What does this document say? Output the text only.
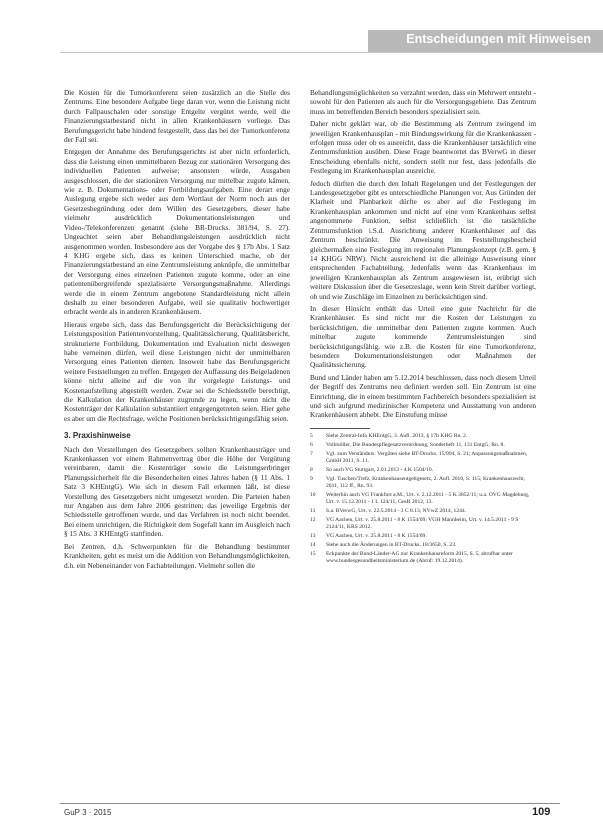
Entscheidungen mit Hinweisen

Die Kosten für die Tumorkonferenz seien zusätzlich an die Stelle des Zentrums. Eine besondere Aufgabe liege daran vor, wenn die Leistung nicht durch Fallpauschalen oder sonstige Entgelte vergütet werde, weil die Finanzierungstatbestand nicht in allen Krankenhäusern vorliege. Das Berufungsgericht habe hindend festgestellt, dass das bei der Tumorkonferenz der Fall sei.

Entgegen der Annahme des Berufungsgerichts ist aber nicht erforderlich, dass die Leistung einen unmittelbaren Bezug zur stationären Versorgung des individuellen Patienten aufweise; ansonsten würde, Ausgaben ausgeschlossen, die der stationären Versorgung nur mittelbar zugute kämen, wie z. B. Dokumentations- oder Fortbildungsaufgaben. Eine derart enge Auslegung ergebe sich weder aus dem Wortlaut der Norm noch aus der Gesetzesbegründung oder dem Willen des Gesetzgebers, dieser habe vielmehr ausdrücklich Dokumentationsleistungen und Video-/Telekonferenzen genannt (siehe BR-Drucks. 381/94, S. 27). Ungeachtet seien aber Behandlungsleistungen ausdrücklich nicht ausgenommen worden. Insbesondere aus der Vorgabe des § 17b Abs. 1 Satz 4 KHG ergebe sich, dass es keinen Unterschied mache, ob der Finanzierungstatbestand an eine Zentrumsleistung anknüpfe, die unmittelbar der Versorgung eines einzelnen Patienten zugute komme, oder an eine patientenübergreifende spezialisierte Versorgungsmaßnahme. Allerdings werde die in einem Zentrum angebotene Standardleistung nicht allein deshalb zu einer besonderen Aufgabe, weil sie qualitativ hochwertiger erbracht werde als in anderen Krankenhäusern.

Hieraus ergebe sich, dass das Berufungsgericht die Berücksichtigung der Leistungsposition Patientenvorstellung, Qualitätssicherung, Qualitätsbericht, strukturierte Fortbildung, Dokumentation und Evaluation nicht deswegen habe verneinen dürfen, weil diese Leistungen nicht der unmittelbaren Versorgung eines Patienten dienten. Insoweit habe das Berufungsgericht weitere Feststellungen zu treffen. Entgegen der Auffassung des Beigeladenen könne nicht alleine auf die von ihr vorgelegte Leistungs- und Kostenaufstellung abgestellt werden. Zwar sei die Schiedsstelle berechtigt, die Kalkulation der Krankenhäuser zugrunde zu legen, wenn nicht die Kostenträger der Kalkulation substantiiert entgegengetreten seien. Hier gehe es aber um die Rechtsfrage, welche Positionen berücksichtigungsfähig seien.

3. Praxishinweise

Nach den Vorstellungen des Gesetzgebers sollten Krankenhausträger und Krankenkassen vor einem Rahmenvertrag über die Höhe der Vergütung vereinbaren, damit die Kostenträger sowie die Leistungserbringer Planungssicherheit für die Besonderheiten eines Jahres haben (§ 11 Abs. 1 Satz 3 KHEntgG). Wie sich in diesem Fall erkennen läßt, ist diese Vorstellung des Gesetzgebers nicht umgesetzt worden. Die Parteien haben nur Angaben aus dem Jahre 2006 gestritten; das jeweilige Ergebnis der Schiedsstelle getroffenen wurde, und das Verfahren ist noch nicht beendet. Bei einem unrichtigen, die Richtigkeit dem Sogefall kann im Ausgleich nach § 15 Abs. 3 KHEntgG stattfinden.

Bei Zentren, d.h. Schwerpunkten für die Behandlung bestimmter Krankheiten, geht es meist um die Addition von Behandlungsmöglichkeiten, d.h. ein Nebeneinander von Fachabteilungen. Vielmehr sollen die

Behandlungsmöglichkeiten so verzahnt werden, dass ein Mehrwert entsteht - sowohl für den Patienten als auch für die Versorgungsgebiete. Das Zentrum muss im betreffenden Bereich besonders spezialisiert sein.

Daher nicht geklärt war, ob die Bestimmung als Zentrum zwingend im jeweiligen Krankenhausplan - mit Bindungswirkung für die Krankenkassen - erfolgen muss oder ob es ausreicht, dass die Krankenhäuser tatsächlich eine Zentrumsfunktion ausüben. Diese Frage beantwortet das BVerwG in dieser Entscheidung ebenfalls nicht, sondern stellt nur fest, dass jedenfalls die Festlegung im Krankenhausplan ausreiche.

Jedoch dürften die durch den Inhalt Regelungen und der Festlegungen der Landesgesetzgeber gibt es unterschiedliche Planungen vor. Aus Gründen der Klarheit und Planbarkeit dürfte es aber auf die Festlegung im Krankenhausplan ankommen und nicht auf eine vom Krankenhaus selbst angenommene Funktion, selbst schließlich ist die tatsächliche Zentrumsfunktion i.S.d. Ausrichtung anderer Krankenhäuser auf das Zentrum beschränkt. Die Anweisung im Feststellungsbescheid gleichermaßen eine Festlegung im regionalen Planungskonzept (z.B. gem. § 14 KHGG NRW). Nicht ausreichend ist die alleinige Ausweisung einer entsprechenden Fachabteilung. Jedenfalls wenn das Krankenhaus im jeweiligen Krankenhausplan als Zentrum ausgewiesen ist, erübrigt sich weitere Diskussion über die Gesetzeslage, wenn kein Streit darüber vorliegt, ob und wie Zuschläge im Einzelnen zu berücksichtigen sind.

In dieser Hinsicht enthält das Urteil eine gute Nachricht für die Krankenhäuser. Es sind nicht nur die Kosten der Leistungen zu berücksichtigen, die unmittelbar dem Patienten zugute kommen. Auch mittelbar zugute kommende Zentrumsleistungen sind berücksichtigungsfähig, wie z.B. die Kosten für eine Tumorkonferenz, besondere Dokumentationsleistungen oder Maßnahmen der Qualitätssicherung.

Bund und Länder haben am 5.12.2014 beschlossen, dass noch diesem Urteil der Begriff des Zentrums neu definiert werden soll. Ein Zentrum ist eine Einrichtung, die in einem bestimmten Fachbereich besonders spezialisiert ist und sich aufgrund medizinischer Kompetenz und Ausstattung von anderen Krankenhäusern abhebt. Die Einstufung müsse

5	Siehe Zentral-Info KHEntgG, 3. Aufl. 2013, § 17b KHG Rn. 2.
6	Vollmöller, Die Bundespflegesatzverordnung, Sonderheft 11, 131 EntgG, Rn. 8.
7	Vgl. zum Verständnis: Vergüten siehe BT-Drucks. 15/994, S. 21; Anpassungsmaßnahmen, GmbH 2011, S. 11.
8	So auch VG Stuttgart, 2.01.2013 - 4 K 1504/10.
9	Vgl. Tuschen/Trefz, Krankenhausentgeltgesetz, 2. Aufl. 2010, S. 115; Krankenhausrecht, 2011, 112 ff., Rn. 93.
10	Weiterhin auch VG Frankfurt a.M., Urt. v. 2.12.2011 - 5 K 3852/11; u.a. OVG Magdeburg, Urt. v. 15.12.2011 - 1 L 124/11, GesR 2012, 13.
11	S.a. BVerwG, Urt. v. 22.5.2014 - 3 C 8.13, NVwZ 2014, 1244.
12	VG Aachen, Urt. v. 25.8.2011 - 8 K 1554/09; VGH Mannheim, Urt. v. 14.5.2011 - 9 S 2124/11, KRS 2012.
13	VG Aachen, Urt. v. 25.8.2011 - 8 K 1554/09.
14	Siehe auch die Änderungen in BT-Drucks. 18/3650, S. 23.
15	Eckpunkte der Bund-Länder-AG zur Krankenhausreform 2015, S. 5, abrufbar unter www.bundesgesundheitsministerium.de (Abruf: 19.12.2014).
GuP 3 · 2015	109
